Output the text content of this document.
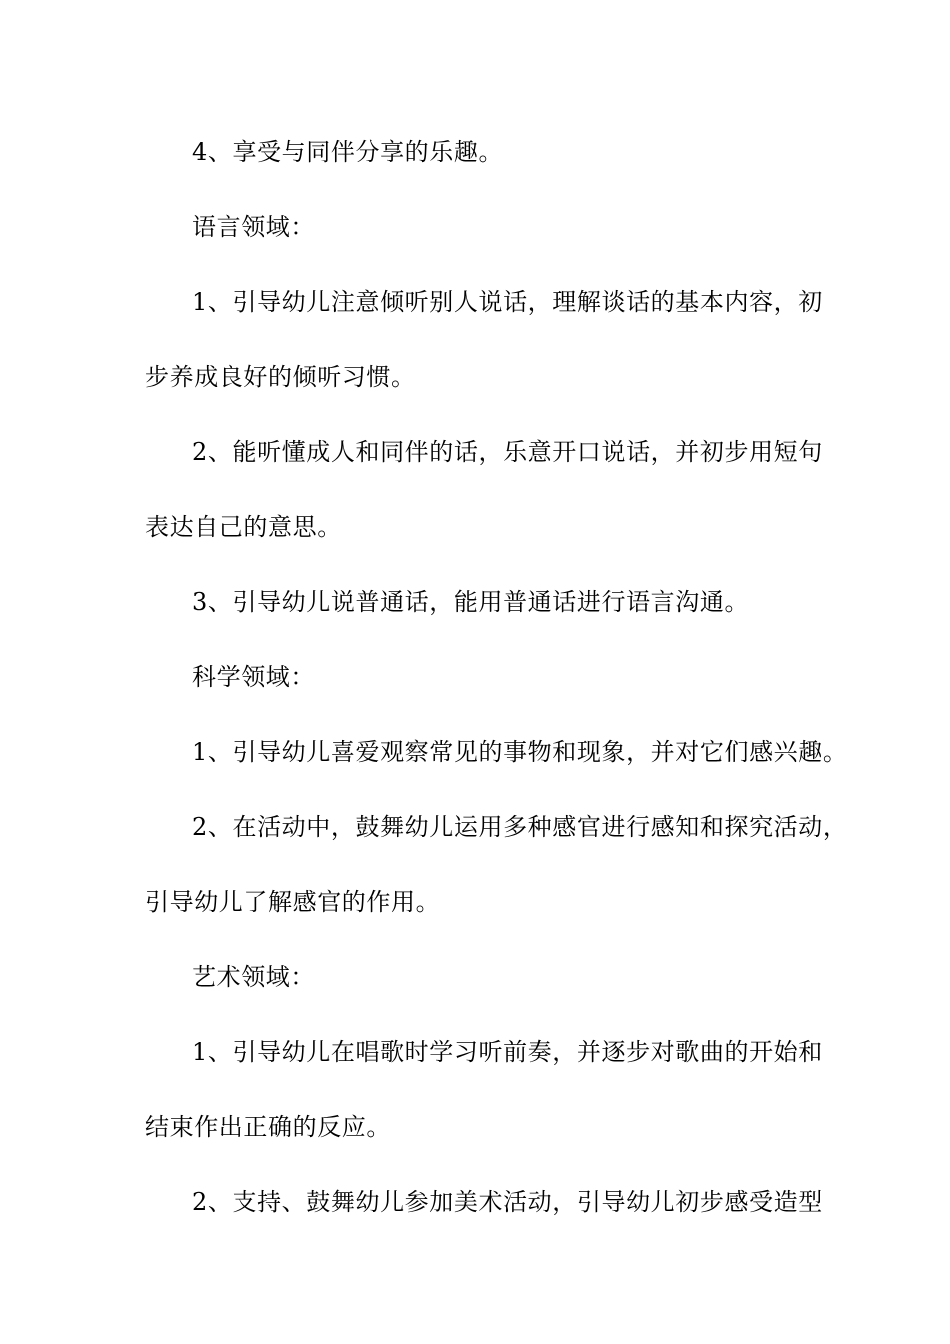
4、享受与同伴分享的乐趣。
语言领域：
1、引导幼儿注意倾听别人说话，理解谈话的基本内容，初
步养成良好的倾听习惯。
2、能听懂成人和同伴的话，乐意开口说话，并初步用短句
表达自己的意思。
3、引导幼儿说普通话，能用普通话进行语言沟通。
科学领域：
1、引导幼儿喜爱观察常见的事物和现象，并对它们感兴趣。
2、在活动中，鼓舞幼儿运用多种感官进行感知和探究活动，
引导幼儿了解感官的作用。
艺术领域：
1、引导幼儿在唱歌时学习听前奏，并逐步对歌曲的开始和
结束作出正确的反应。
2、支持、鼓舞幼儿参加美术活动，引导幼儿初步感受造型
